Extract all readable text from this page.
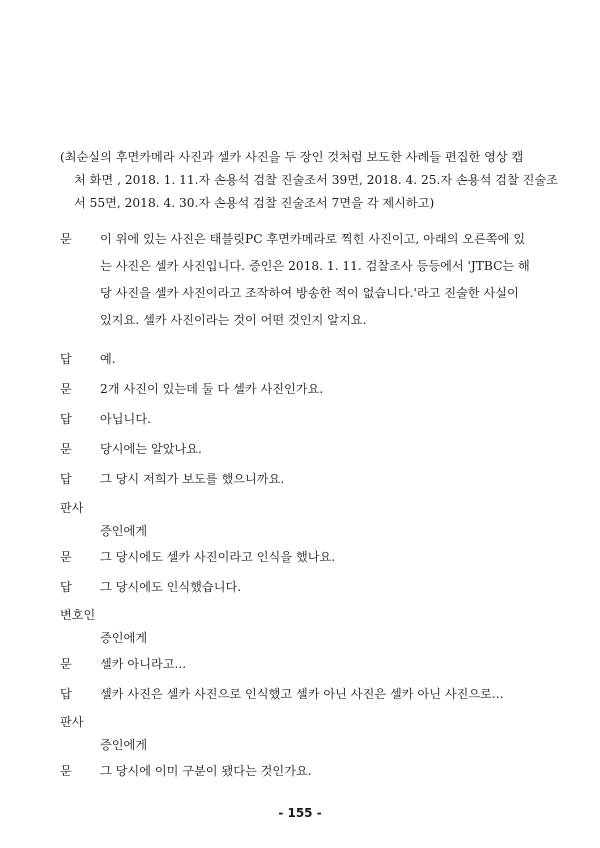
(최순실의 후면카메라 사진과 셀카 사진을 두 장인 것처럼 보도한 사례들 편집한 영상 캡
처 화면 , 2018. 1. 11.자 손용석 검찰 진술조서 39면, 2018. 4. 25.자 손용석 검찰 진술조
서 55면, 2018. 4. 30.자 손용석 검찰 진술조서 7면을 각 제시하고)
문	이 위에 있는 사진은 태블릿PC 후면카메라로 찍힌 사진이고, 아래의 오른쪽에 있
는 사진은 셀카 사진입니다. 증인은 2018. 1. 11. 검찰조사 등등에서 'JTBC는 해
당 사진을 셀카 사진이라고 조작하여 방송한 적이 없습니다.'라고 진술한 사실이
있지요. 셀카 사진이라는 것이 어떤 것인지 알지요.
답	예.
문	2개 사진이 있는데 둘 다 셀카 사진인가요.
답	아닙니다.
문	당시에는 알았나요.
답	그 당시 저희가 보도를 했으니까요.
판사
증인에게
문	그 당시에도 셀카 사진이라고 인식을 했나요.
답	그 당시에도 인식했습니다.
변호인
증인에게
문	셀카 아니라고...
답	셀카 사진은 셀카 사진으로 인식했고 셀카 아닌 사진은 셀카 아닌 사진으로...
판사
- 155 -
증인에게
문	그 당시에 이미 구분이 됐다는 것인가요.
